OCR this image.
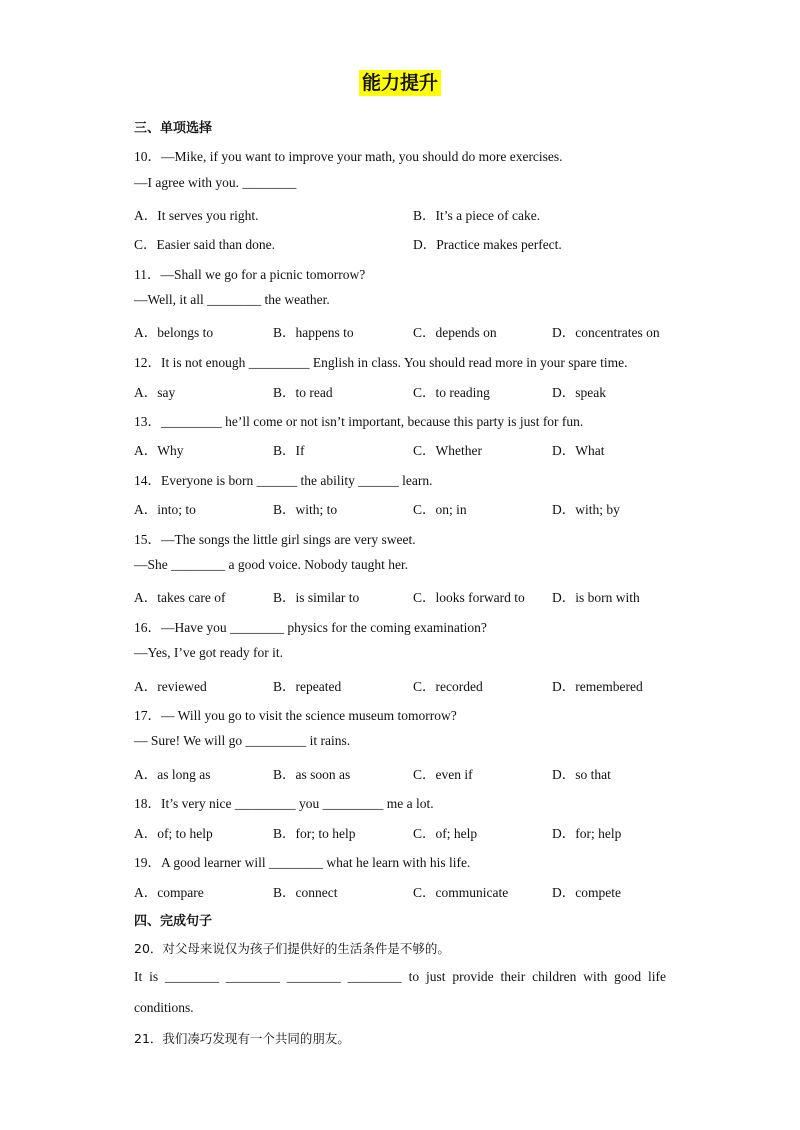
能力提升
三、单项选择
10．—Mike, if you want to improve your math, you should do more exercises.
—I agree with you. ________
A．It serves you right.	B．It’s a piece of cake.
C．Easier said than done.	D．Practice makes perfect.
11．—Shall we go for a picnic tomorrow?
—Well, it all ________ the weather.
A．belongs to	B．happens to	C．depends on	D．concentrates on
12．It is not enough _________ English in class. You should read more in your spare time.
A．say	B．to read	C．to reading	D．speak
13．_________ he’ll come or not isn’t important, because this party is just for fun.
A．Why	B．If	C．Whether	D．What
14．Everyone is born ______ the ability ______ learn.
A．into; to	B．with; to	C．on; in	D．with; by
15．—The songs the little girl sings are very sweet.
—She ________ a good voice. Nobody taught her.
A．takes care of	B．is similar to	C．looks forward to D．is born with
16．—Have you ________ physics for the coming examination?
—Yes, I’ve got ready for it.
A．reviewed	B．repeated	C．recorded	D．remembered
17．— Will you go to visit the science museum tomorrow?
— Sure! We will go _________ it rains.
A．as long as	B．as soon as	C．even if	D．so that
18．It’s very nice _________ you _________ me a lot.
A．of; to help	B．for; to help	C．of; help	D．for; help
19．A good learner will ________ what he learn with his life.
A．compare	B．connect	C．communicate	D．compete
四、完成句子
20．对父母来说仅为孩子们提供好的生活条件是不够的。
It is ________ ________ ________ ________ to just provide their children with good life
conditions.
21．我们凑巧发现有一个共同的朋友。
